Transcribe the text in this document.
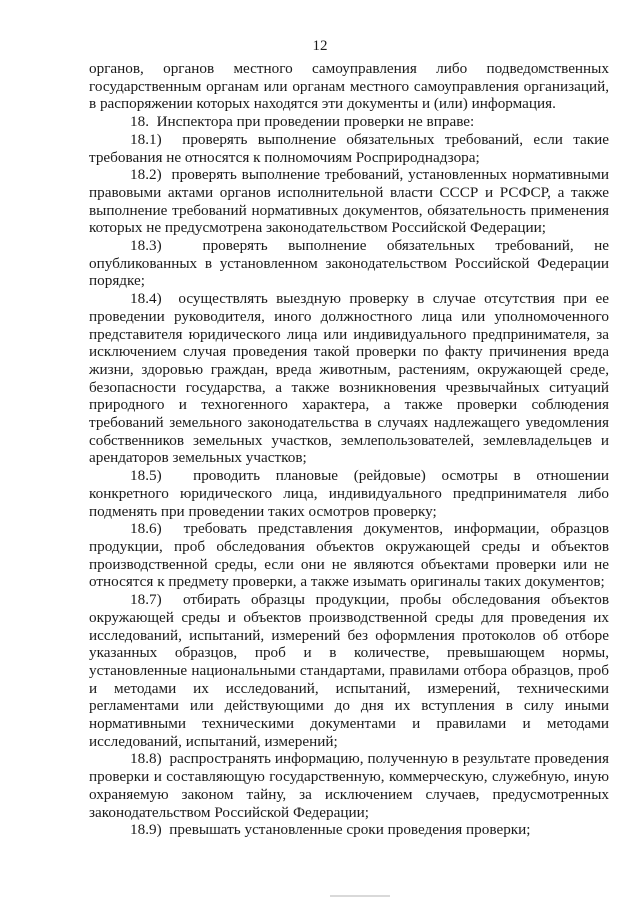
12

органов, органов местного самоуправления либо подведомственных государственным органам или органам местного самоуправления организаций, в распоряжении которых находятся эти документы и (или) информация.

18. Инспектора при проведении проверки не вправе:

18.1) проверять выполнение обязательных требований, если такие требования не относятся к полномочиям Росприроднадзора;

18.2) проверять выполнение требований, установленных нормативными правовыми актами органов исполнительной власти СССР и РСФСР, а также выполнение требований нормативных документов, обязательность применения которых не предусмотрена законодательством Российской Федерации;

18.3)	проверять выполнение обязательных требований, не опубликованных в установленном законодательством Российской Федерации порядке;

18.4) осуществлять выездную проверку в случае отсутствия при ее проведении руководителя, иного должностного лица или уполномоченного представителя юридического лица или индивидуального предпринимателя, за исключением случая проведения такой проверки по факту причинения вреда жизни, здоровью граждан, вреда животным, растениям, окружающей среде, безопасности государства, а также возникновения чрезвычайных ситуаций природного и техногенного характера, а также проверки соблюдения требований земельного законодательства в случаях надлежащего уведомления собственников земельных участков, землепользователей, землевладельцев и арендаторов земельных участков;

18.5) проводить плановые (рейдовые) осмотры в отношении конкретного юридического лица, индивидуального предпринимателя либо подменять при проведении таких осмотров проверку;

18.6) требовать представления документов, информации, образцов продукции, проб обследования объектов окружающей среды и объектов производственной среды, если они не являются объектами проверки или не относятся к предмету проверки, а также изымать оригиналы таких документов;

18.7) отбирать образцы продукции, пробы обследования объектов окружающей среды и объектов производственной среды для проведения их исследований, испытаний, измерений без оформления протоколов об отборе указанных образцов, проб и в количестве, превышающем нормы, установленные национальными стандартами, правилами отбора образцов, проб и методами их исследований, испытаний, измерений, техническими регламентами или действующими до дня их вступления в силу иными нормативными техническими документами и правилами и методами исследований, испытаний, измерений;

18.8) распространять информацию, полученную в результате проведения проверки и составляющую государственную, коммерческую, служебную, иную охраняемую законом тайну, за исключением случаев, предусмотренных законодательством Российской Федерации;

18.9) превышать установленные сроки проведения проверки;
